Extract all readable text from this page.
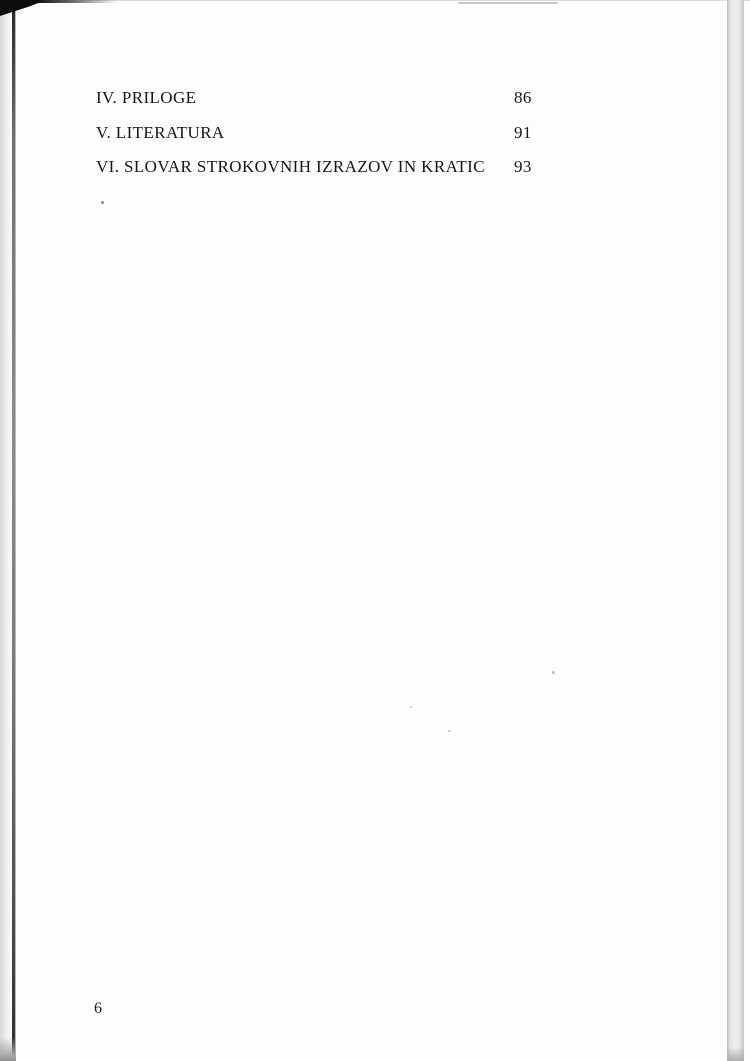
IV. PRILOGE	86
V. LITERATURA	91
VI. SLOVAR STROKOVNIH IZRAZOV IN KRATIC 93
6
